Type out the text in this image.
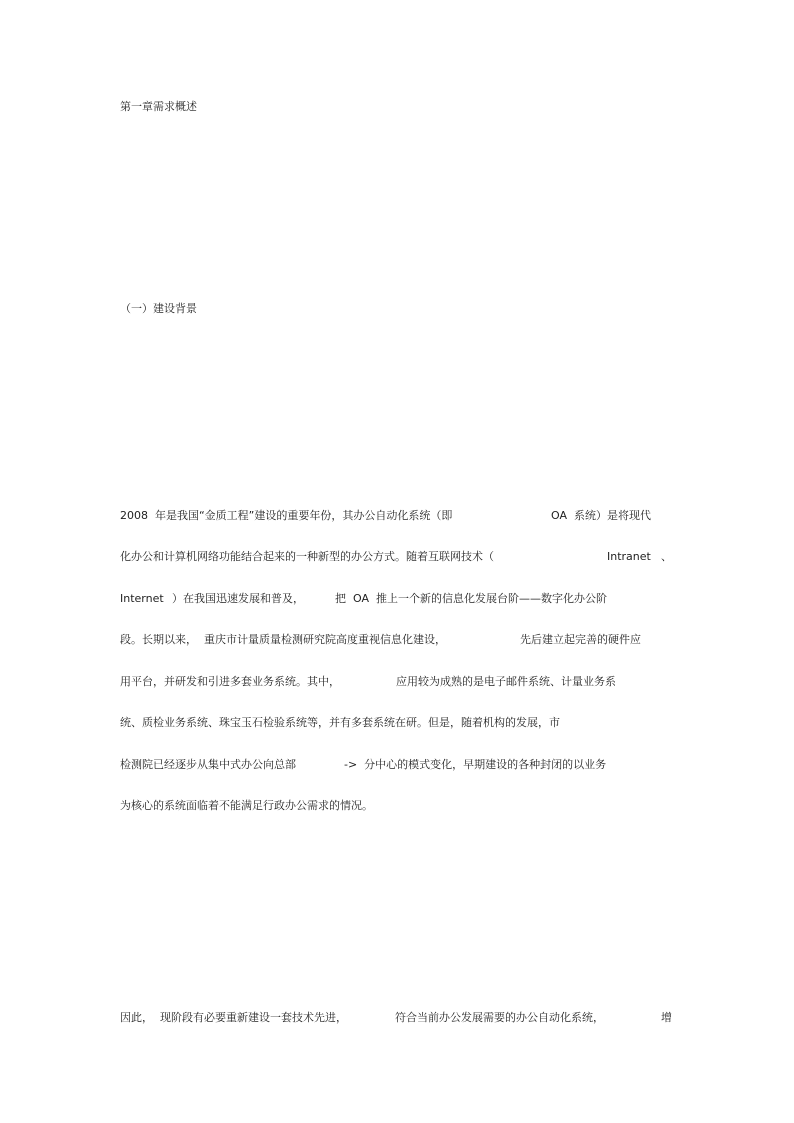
第一章需求概述
（一）建设背景

2008  年是我国“金质工程”建设的重要年份，其办公自动化系统（即

	OA  系统）是将现代

化办公和计算机网络功能结合起来的一种新型的办公方式。随着互联网技术（

	Intranet

、

Internet

）在我国迅速发展和普及，

	把  OA  推上一个新的信息化发展台阶——数字化办公阶

段。长期以来，  重庆市计量质量检测研究院高度重视信息化建设，

	先后建立起完善的硬件应

用平台，并研发和引进多套业务系统。其中，

	应用较为成熟的是电子邮件系统、计量业务系

统、质检业务系统、珠宝玉石检验系统等，并有多套系统在研。但是，随着机构的发展，市

检测院已经逐步从集中式办公向总部

	->  分中心的模式变化，早期建设的各种封闭的以业务

为核心的系统面临着不能满足行政办公需求的情况。

因此，  现阶段有必要重新建设一套技术先进，

	符合当前办公发展需要的办公自动化系统，

	增
